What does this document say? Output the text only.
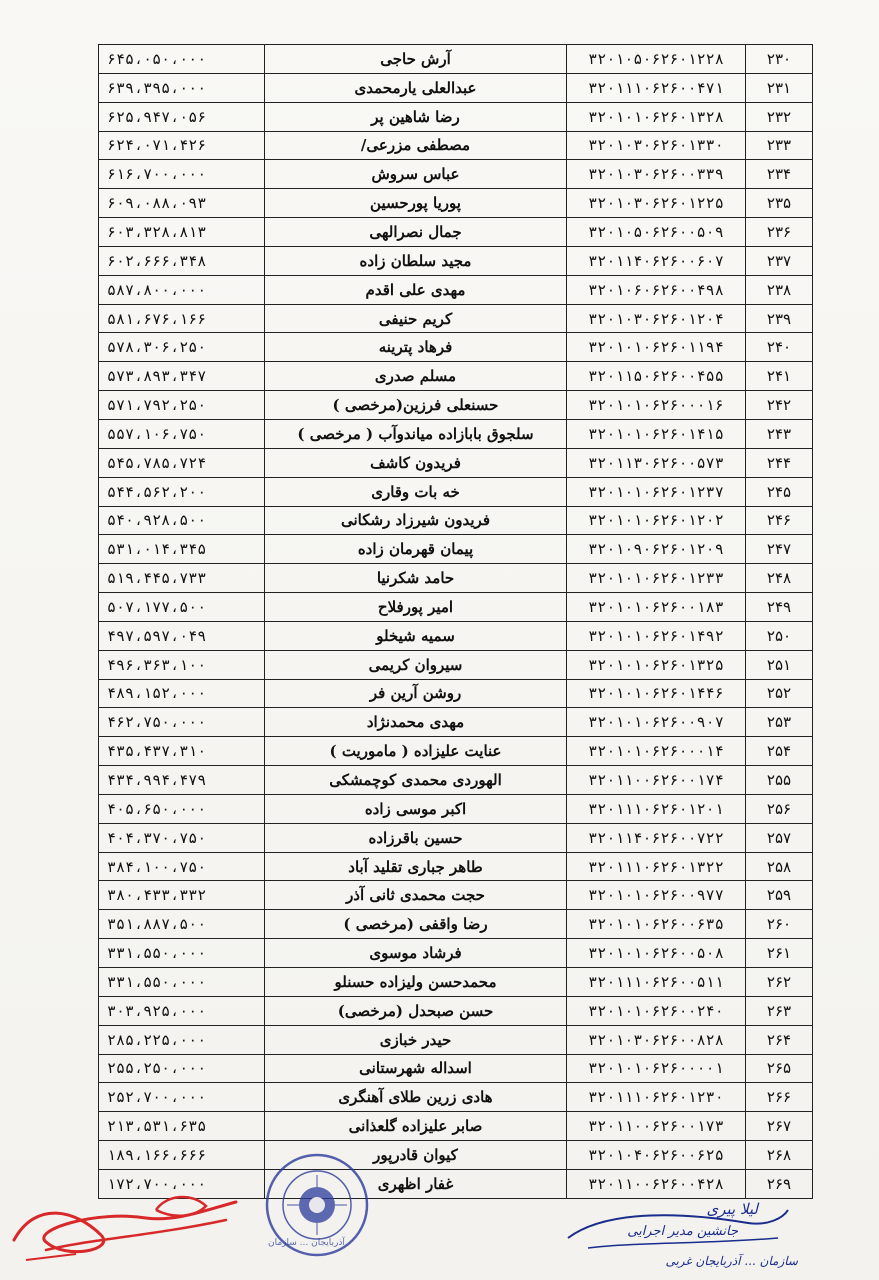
۲۳۰	۳۲۰۱۰۵۰۶۲۶۰۱۲۲۸	آرش حاجی	۶۴۵،۰۵۰،۰۰۰
۲۳۱	۳۲۰۱۱۱۰۶۲۶۰۰۴۷۱	عبدالعلی یارمحمدی	۶۳۹،۳۹۵،۰۰۰
۲۳۲	۳۲۰۱۰۱۰۶۲۶۰۱۳۲۸	رضا شاهین پر	۶۲۵،۹۴۷،۰۵۶
۲۳۳	۳۲۰۱۰۳۰۶۲۶۰۱۳۳۰	مصطفی مزرعی/	۶۲۴،۰۷۱،۴۲۶
۲۳۴	۳۲۰۱۰۳۰۶۲۶۰۰۳۳۹	عباس سروش	۶۱۶،۷۰۰،۰۰۰
۲۳۵	۳۲۰۱۰۳۰۶۲۶۰۱۲۲۵	پوریا پورحسین	۶۰۹،۰۸۸،۰۹۳
۲۳۶	۳۲۰۱۰۵۰۶۲۶۰۰۵۰۹	جمال نصرالهی	۶۰۳،۳۲۸،۸۱۳
۲۳۷	۳۲۰۱۱۴۰۶۲۶۰۰۶۰۷	مجید سلطان زاده	۶۰۲،۶۶۶،۳۴۸
۲۳۸	۳۲۰۱۰۶۰۶۲۶۰۰۴۹۸	مهدی علی اقدم	۵۸۷،۸۰۰،۰۰۰
۲۳۹	۳۲۰۱۰۳۰۶۲۶۰۱۲۰۴	کریم حنیفی	۵۸۱،۶۷۶،۱۶۶
۲۴۰	۳۲۰۱۰۱۰۶۲۶۰۱۱۹۴	فرهاد پترینه	۵۷۸،۳۰۶،۲۵۰
۲۴۱	۳۲۰۱۱۵۰۶۲۶۰۰۴۵۵	مسلم صدری	۵۷۳،۸۹۳،۳۴۷
۲۴۲	۳۲۰۱۰۱۰۶۲۶۰۰۰۱۶	حسنعلی فرزین(مرخصی )	۵۷۱،۷۹۲،۲۵۰
۲۴۳	۳۲۰۱۰۱۰۶۲۶۰۱۴۱۵	سلجوق بابازاده میاندوآب ( مرخصی )	۵۵۷،۱۰۶،۷۵۰
۲۴۴	۳۲۰۱۱۳۰۶۲۶۰۰۵۷۳	فریدون کاشف	۵۴۵،۷۸۵،۷۲۴
۲۴۵	۳۲۰۱۰۱۰۶۲۶۰۱۲۳۷	خه بات وقاری	۵۴۴،۵۶۲،۲۰۰
۲۴۶	۳۲۰۱۰۱۰۶۲۶۰۱۲۰۲	فریدون شیرزاد رشکانی	۵۴۰،۹۲۸،۵۰۰
۲۴۷	۳۲۰۱۰۹۰۶۲۶۰۱۲۰۹	پیمان قهرمان زاده	۵۳۱،۰۱۴،۳۴۵
۲۴۸	۳۲۰۱۰۱۰۶۲۶۰۱۲۳۳	حامد شکرنیا	۵۱۹،۴۴۵،۷۳۳
۲۴۹	۳۲۰۱۰۱۰۶۲۶۰۰۱۸۳	امیر پورفلاح	۵۰۷،۱۷۷،۵۰۰
۲۵۰	۳۲۰۱۰۱۰۶۲۶۰۱۴۹۲	سمیه شیخلو	۴۹۷،۵۹۷،۰۴۹
۲۵۱	۳۲۰۱۰۱۰۶۲۶۰۱۳۲۵	سیروان کریمی	۴۹۶،۳۶۳،۱۰۰
۲۵۲	۳۲۰۱۰۱۰۶۲۶۰۱۴۴۶	روشن آرین فر	۴۸۹،۱۵۲،۰۰۰
۲۵۳	۳۲۰۱۰۱۰۶۲۶۰۰۹۰۷	مهدی محمدنژاد	۴۶۲،۷۵۰،۰۰۰
۲۵۴	۳۲۰۱۰۱۰۶۲۶۰۰۰۱۴	عنایت علیزاده ( ماموریت )	۴۳۵،۴۳۷،۳۱۰
۲۵۵	۳۲۰۱۱۰۰۶۲۶۰۰۱۷۴	الهوردی محمدی کوچمشکی	۴۳۴،۹۹۴،۴۷۹
۲۵۶	۳۲۰۱۱۱۰۶۲۶۰۱۲۰۱	اکبر موسی زاده	۴۰۵،۶۵۰،۰۰۰
۲۵۷	۳۲۰۱۱۴۰۶۲۶۰۰۷۲۲	حسین باقرزاده	۴۰۴،۳۷۰،۷۵۰
۲۵۸	۳۲۰۱۱۱۰۶۲۶۰۱۳۲۲	طاهر جباری تقلید آباد	۳۸۴،۱۰۰،۷۵۰
۲۵۹	۳۲۰۱۰۱۰۶۲۶۰۰۹۷۷	حجت محمدی ثانی آذر	۳۸۰،۴۳۳،۳۳۲
۲۶۰	۳۲۰۱۰۱۰۶۲۶۰۰۶۳۵	رضا واقفی (مرخصی )	۳۵۱،۸۸۷،۵۰۰
۲۶۱	۳۲۰۱۰۱۰۶۲۶۰۰۵۰۸	فرشاد موسوی	۳۳۱،۵۵۰،۰۰۰
۲۶۲	۳۲۰۱۱۱۰۶۲۶۰۰۵۱۱	محمدحسن ولیزاده حسنلو	۳۳۱،۵۵۰،۰۰۰
۲۶۳	۳۲۰۱۰۱۰۶۲۶۰۰۲۴۰	حسن صبحدل (مرخصی)	۳۰۳،۹۲۵،۰۰۰
۲۶۴	۳۲۰۱۰۳۰۶۲۶۰۰۸۲۸	حیدر خبازی	۲۸۵،۲۲۵،۰۰۰
۲۶۵	۳۲۰۱۰۱۰۶۲۶۰۰۰۰۱	اسداله شهرستانی	۲۵۵،۲۵۰،۰۰۰
۲۶۶	۳۲۰۱۱۱۰۶۲۶۰۱۲۳۰	هادی زرین طلای آهنگری	۲۵۲،۷۰۰،۰۰۰
۲۶۷	۳۲۰۱۱۰۰۶۲۶۰۰۱۷۳	صابر علیزاده گلعذانی	۲۱۳،۵۳۱،۶۳۵
۲۶۸	۳۲۰۱۰۴۰۶۲۶۰۰۶۲۵	کیوان قادرپور	۱۸۹،۱۶۶،۶۶۶
۲۶۹	۳۲۰۱۱۰۰۶۲۶۰۰۴۲۸	غفار اظهری	۱۷۲،۷۰۰،۰۰۰
لیلا پیری
جانشین مدیر اجرایی
سازمان ... آذربایجان غربی
آذربایجان ... سازمان
